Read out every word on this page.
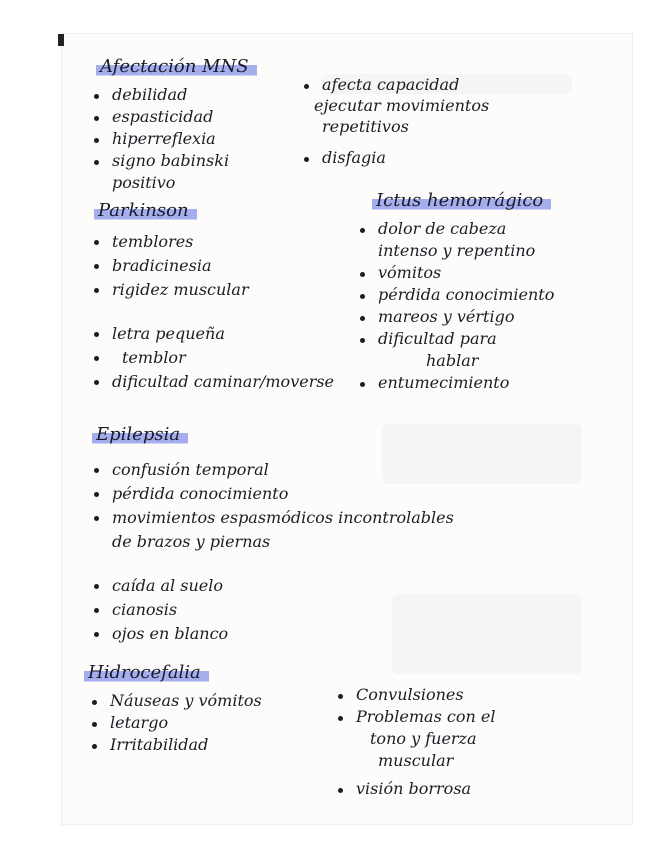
Afectación MNS
debilidad
espasticidad
hiperreflexia
signo babinski
positivo
afecta capacidad
ejecutar movimientos
repetitivos
disfagia
Parkinson
temblores
bradicinesia
rigidez muscular
letra pequeña
temblor
dificultad caminar/moverse
Ictus hemorrágico
dolor de cabeza
intenso y repentino
vómitos
pérdida conocimiento
mareos y vértigo
dificultad para
hablar
entumecimiento
Epilepsia
confusión temporal
pérdida conocimiento
movimientos espasmódicos incontrolables
de brazos y piernas
caída al suelo
cianosis
ojos en blanco
Hidrocefalia
Náuseas y vómitos
letargo
Irritabilidad
Convulsiones
Problemas con el
tono y fuerza
muscular
visión borrosa
